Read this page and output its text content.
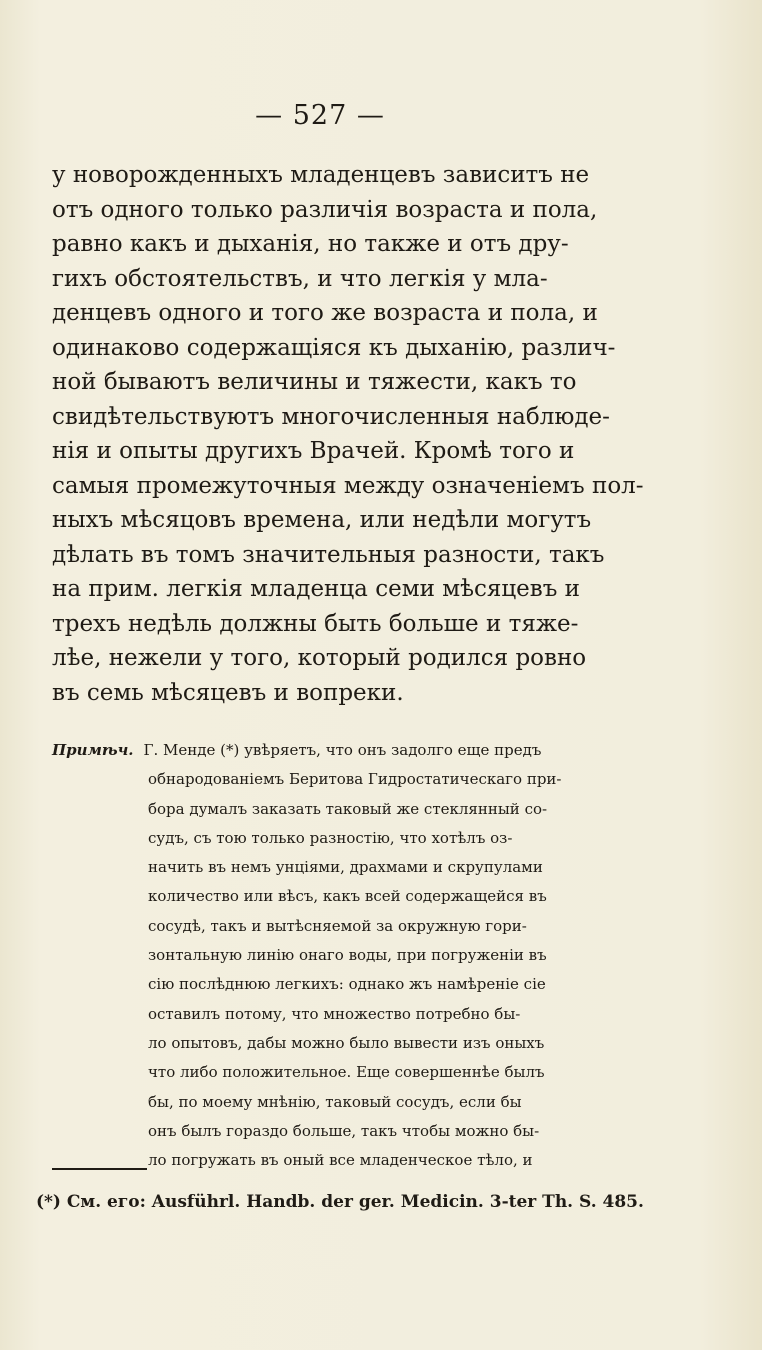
— 527 —
у новорожденныхъ младенцевъ зависитъ не
отъ одного только различія возраста и пола,
равно какъ и дыханія, но также и отъ дру-
гихъ обстоятельствъ, и что легкія у мла-
денцевъ одного и того же возраста и пола, и
одинаково содержащіяся къ дыханію, различ-
ной бываютъ величины и тяжести, какъ то
свидѣтельствуютъ многочисленныя наблюде-
нія и опыты другихъ Врачей. Кромѣ того и
самыя промежуточныя между означеніемъ пол-
ныхъ мѣсяцовъ времена, или недѣли могутъ
дѣлать въ томъ значительныя разности, такъ
на прим. легкія младенца семи мѣсяцевъ и
трехъ недѣль должны быть больше и тяже-
лѣе, нежели у того, который родился ровно
въ семь мѣсяцевъ и вопреки.
Примѣч. Г. Менде (*) увѣряетъ, что онъ задолго еще предъ
обнародованіемъ Беритова Гидростатическаго при-
бора думалъ заказать таковый же стеклянный со-
судъ, съ тою только разностію, что хотѣлъ оз-
начить въ немъ унціями, драхмами и скрупулами
количество или вѣсъ, какъ всей содержащейся въ
сосудѣ, такъ и вытѣсняемой за окружную гори-
зонтальную линію онаго воды, при погруженіи въ
сію послѣднюю легкихъ: однако жъ намѣреніе сіе
оставилъ потому, что множество потребно бы-
ло опытовъ, дабы можно было вывести изъ оныхъ
что либо положительное. Еще совершеннѣе былъ
бы, по моему мнѣнію, таковый сосудъ, если бы
онъ былъ гораздо больше, такъ чтобы можно бы-
ло погружать въ оный все младенческое тѣло, и
(*) См. его: Ausführl. Handb. der ger. Medicin. 3-ter Th. S. 485.
